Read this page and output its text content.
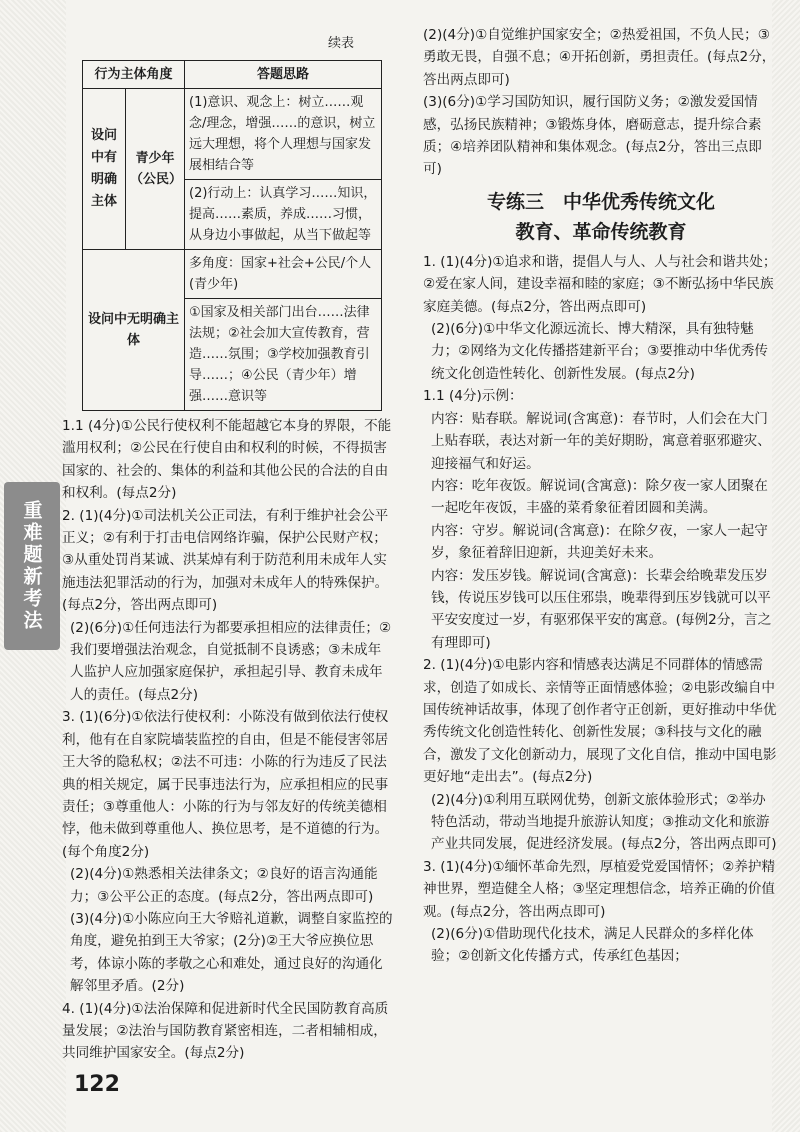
重难题新考法
续表
行为主体角度		答题思路
设问中有明确主体	青少年（公民）	(1)意识、观念上：树立……观念/理念，增强……的意识，树立远大理想，将个人理想与国家发展相结合等
		(2)行动上：认真学习……知识，提高……素质，养成……习惯，从身边小事做起，从当下做起等
设问中无明确主体		多角度：国家+社会+公民/个人(青少年)
		①国家及相关部门出台……法律法规；②社会加大宣传教育，营造……氛围；③学校加强教育引导……；④公民（青少年）增强……意识等

1.1 (4分)①公民行使权利不能超越它本身的界限，不能滥用权利；②公民在行使自由和权利的时候，不得损害国家的、社会的、集体的利益和其他公民的合法的自由和权利。(每点2分)

2. (1)(4分)①司法机关公正司法，有利于维护社会公平正义；②有利于打击电信网络诈骗，保护公民财产权；③从重处罚肖某诚、洪某焯有利于防范利用未成年人实施违法犯罪活动的行为，加强对未成年人的特殊保护。(每点2分，答出两点即可)

(2)(6分)①任何违法行为都要承担相应的法律责任；②我们要增强法治观念，自觉抵制不良诱惑；③未成年人监护人应加强家庭保护，承担起引导、教育未成年人的责任。(每点2分)

3. (1)(6分)①依法行使权利：小陈没有做到依法行使权利，他有在自家院墙装监控的自由，但是不能侵害邻居王大爷的隐私权；②法不可违：小陈的行为违反了民法典的相关规定，属于民事违法行为，应承担相应的民事责任；③尊重他人：小陈的行为与邻友好的传统美德相悖，他未做到尊重他人、换位思考，是不道德的行为。(每个角度2分)

(2)(4分)①熟悉相关法律条文；②良好的语言沟通能力；③公平公正的态度。(每点2分，答出两点即可)

(3)(4分)①小陈应向王大爷赔礼道歉，调整自家监控的角度，避免拍到王大爷家；(2分)②王大爷应换位思考，体谅小陈的孝敬之心和难处，通过良好的沟通化解邻里矛盾。(2分)

4. (1)(4分)①法治保障和促进新时代全民国防教育高质量发展；②法治与国防教育紧密相连，二者相辅相成，共同维护国家安全。(每点2分)

(2)(4分)①自觉维护国家安全；②热爱祖国，不负人民；③勇敢无畏，自强不息；④开拓创新，勇担责任。(每点2分，答出两点即可)

(3)(6分)①学习国防知识，履行国防义务；②激发爱国情感，弘扬民族精神；③锻炼身体，磨砺意志，提升综合素质；④培养团队精神和集体观念。(每点2分，答出三点即可)

专练三　中华优秀传统文化
教育、革命传统教育

1. (1)(4分)①追求和谐，提倡人与人、人与社会和谐共处；②爱在家人间，建设幸福和睦的家庭；③不断弘扬中华民族家庭美德。(每点2分，答出两点即可)

(2)(6分)①中华文化源远流长、博大精深，具有独特魅力；②网络为文化传播搭建新平台；③要推动中华优秀传统文化创造性转化、创新性发展。(每点2分)

1.1 (4分)示例：

内容：贴春联。解说词(含寓意)：春节时，人们会在大门上贴春联，表达对新一年的美好期盼，寓意着驱邪避灾、迎接福气和好运。

内容：吃年夜饭。解说词(含寓意)：除夕夜一家人团聚在一起吃年夜饭，丰盛的菜肴象征着团圆和美满。

内容：守岁。解说词(含寓意)：在除夕夜，一家人一起守岁，象征着辞旧迎新，共迎美好未来。

内容：发压岁钱。解说词(含寓意)：长辈会给晚辈发压岁钱，传说压岁钱可以压住邪祟，晚辈得到压岁钱就可以平平安安度过一岁，有驱邪保平安的寓意。(每例2分，言之有理即可)

2. (1)(4分)①电影内容和情感表达满足不同群体的情感需求，创造了如成长、亲情等正面情感体验；②电影改编自中国传统神话故事，体现了创作者守正创新，更好推动中华优秀传统文化创造性转化、创新性发展；③科技与文化的融合，激发了文化创新动力，展现了文化自信，推动中国电影更好地“走出去”。(每点2分)

(2)(4分)①利用互联网优势，创新文旅体验形式；②举办特色活动，带动当地提升旅游认知度；③推动文化和旅游产业共同发展，促进经济发展。(每点2分，答出两点即可)

3. (1)(4分)①缅怀革命先烈，厚植爱党爱国情怀；②养护精神世界，塑造健全人格；③坚定理想信念，培养正确的价值观。(每点2分，答出两点即可)

(2)(6分)①借助现代化技术，满足人民群众的多样化体验；②创新文化传播方式，传承红色基因；

122
